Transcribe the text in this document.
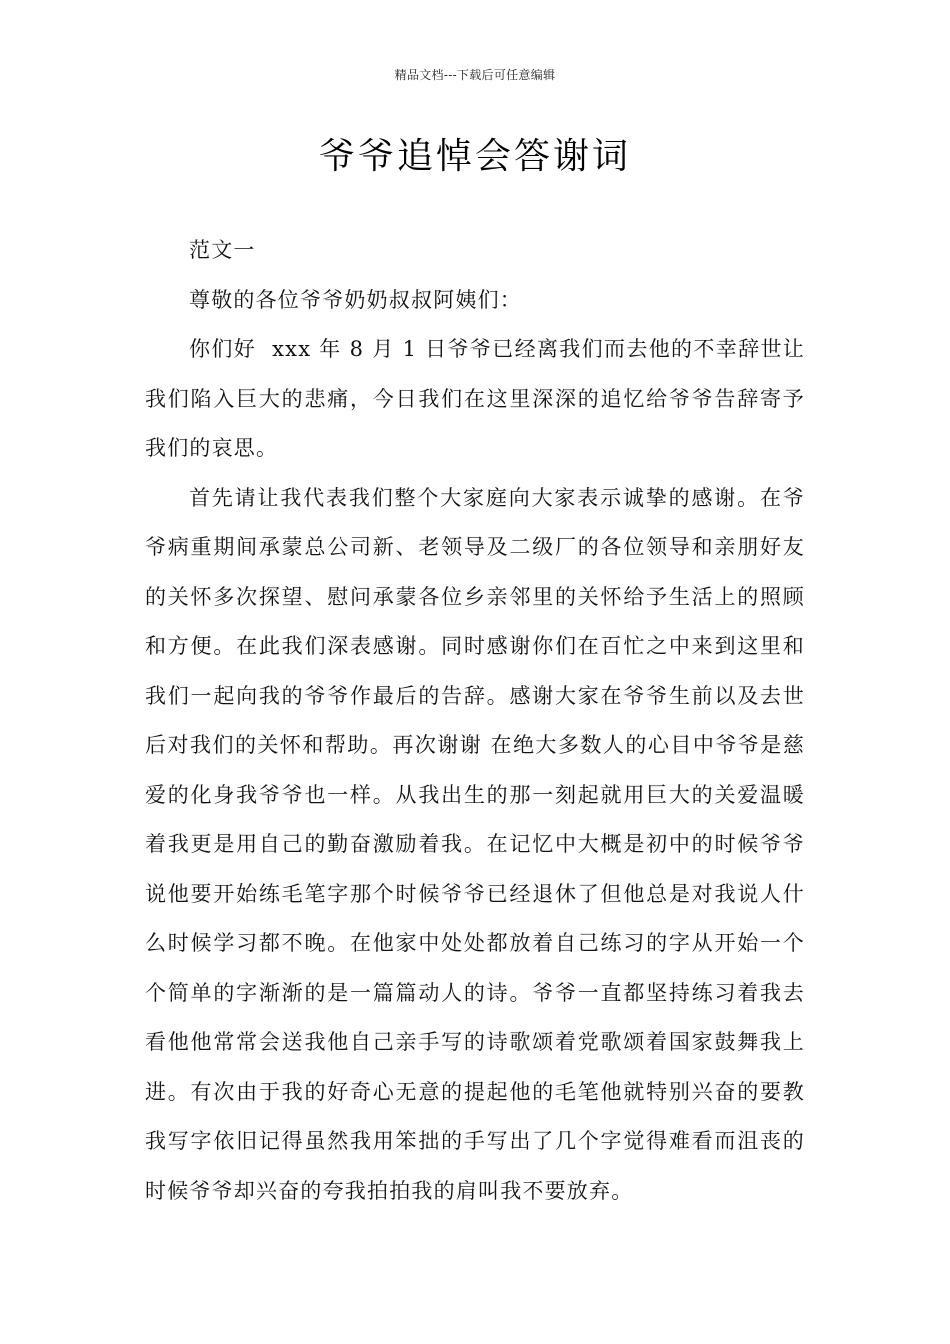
精品文档---下载后可任意编辑
爷爷追悼会答谢词

范文一

尊敬的各位爷爷奶奶叔叔阿姨们：

你们好  xxx 年 8 月 1 日爷爷已经离我们而去他的不幸辞世让我们陷入巨大的悲痛，今日我们在这里深深的追忆给爷爷告辞寄予我们的哀思。

首先请让我代表我们整个大家庭向大家表示诚挚的感谢。在爷爷病重期间承蒙总公司新、老领导及二级厂的各位领导和亲朋好友的关怀多次探望、慰问承蒙各位乡亲邻里的关怀给予生活上的照顾和方便。在此我们深表感谢。同时感谢你们在百忙之中来到这里和我们一起向我的爷爷作最后的告辞。感谢大家在爷爷生前以及去世后对我们的关怀和帮助。再次谢谢 在绝大多数人的心目中爷爷是慈爱的化身我爷爷也一样。从我出生的那一刻起就用巨大的关爱温暖着我更是用自己的勤奋激励着我。在记忆中大概是初中的时候爷爷说他要开始练毛笔字那个时候爷爷已经退休了但他总是对我说人什么时候学习都不晚。在他家中处处都放着自己练习的字从开始一个个简单的字渐渐的是一篇篇动人的诗。爷爷一直都坚持练习着我去看他他常常会送我他自己亲手写的诗歌颂着党歌颂着国家鼓舞我上进。有次由于我的好奇心无意的提起他的毛笔他就特别兴奋的要教我写字依旧记得虽然我用笨拙的手写出了几个字觉得难看而沮丧的时候爷爷却兴奋的夸我拍拍我的肩叫我不要放弃。
